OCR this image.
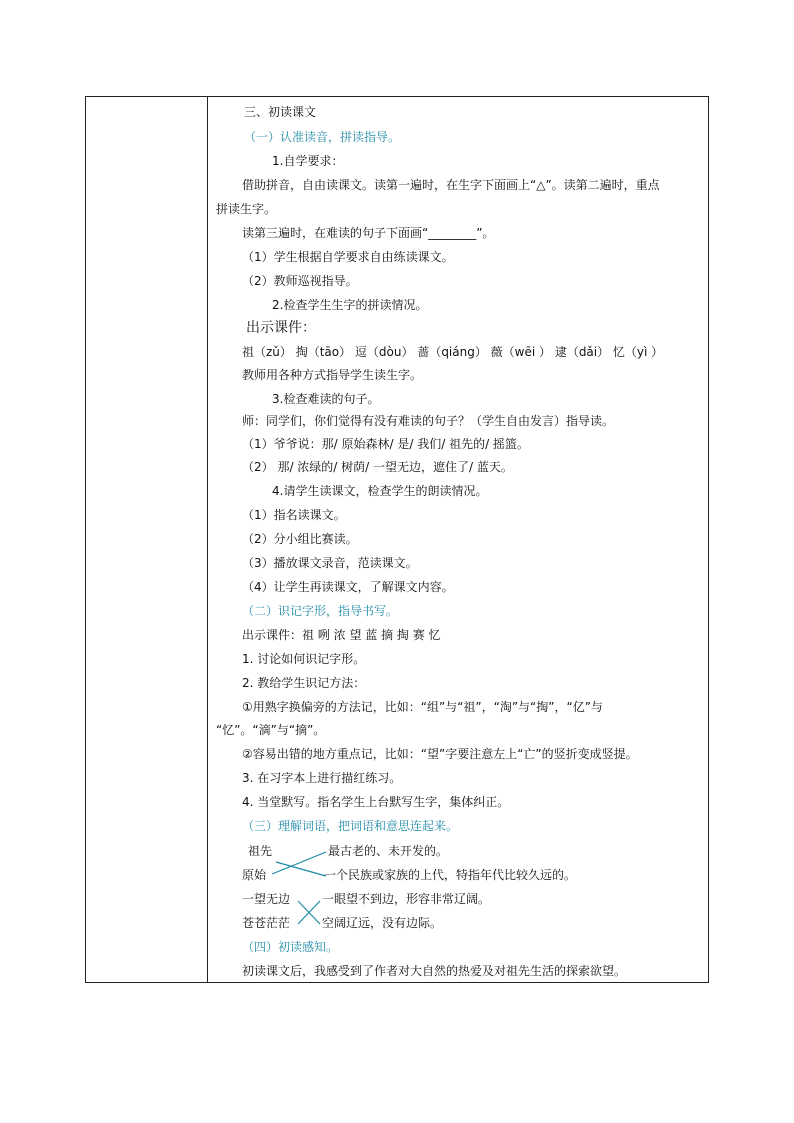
三、初读课文
（一）认准读音，拼读指导。
1.自学要求：
借助拼音，自由读课文。读第一遍时，在生字下面画上“△”。读第二遍时，重点
拼读生字。
读第三遍时，在难读的句子下面画“________”。
（1）学生根据自学要求自由练读课文。
（2）教师巡视指导。
2.检查学生生字的拼读情况。
出示课件：
祖（zǔ） 掏（tāo） 逗（dòu） 蔷（qiáng） 薇（wēi ） 逮（dǎi） 忆（yì ）
教师用各种方式指导学生读生字。
3.检查难读的句子。
师：同学们，你们觉得有没有难读的句子？（学生自由发言）指导读。
（1）爷爷说：那/ 原始森林/ 是/ 我们/ 祖先的/ 摇篮。
（2） 那/ 浓绿的/ 树荫/ 一望无边，遮住了/ 蓝天。
4.请学生读课文，检查学生的朗读情况。
（1）指名读课文。
（2）分小组比赛读。
（3）播放课文录音，范读课文。
（4）让学生再读课文，了解课文内容。
（二）识记字形，指导书写。
出示课件：祖 咧 浓 望 蓝 摘 掏 赛 忆
1. 讨论如何识记字形。
2. 教给学生识记方法：
①用熟字换偏旁的方法记，比如：“组”与“祖”，“淘”与“掏”，“亿”与
“忆”。“滴”与“摘”。
②容易出错的地方重点记，比如：“望”字要注意左上“亡”的竖折变成竖提。
3. 在习字本上进行描红练习。
4. 当堂默写。指名学生上台默写生字，集体纠正。
（三）理解词语，把词语和意思连起来。
祖先
原始
一望无边
苍苍茫茫
最古老的、未开发的。
一个民族或家族的上代，特指年代比较久远的。
一眼望不到边，形容非常辽阔。
空阔辽远，没有边际。
（四）初读感知。
初读课文后，我感受到了作者对大自然的热爱及对祖先生活的探索欲望。
